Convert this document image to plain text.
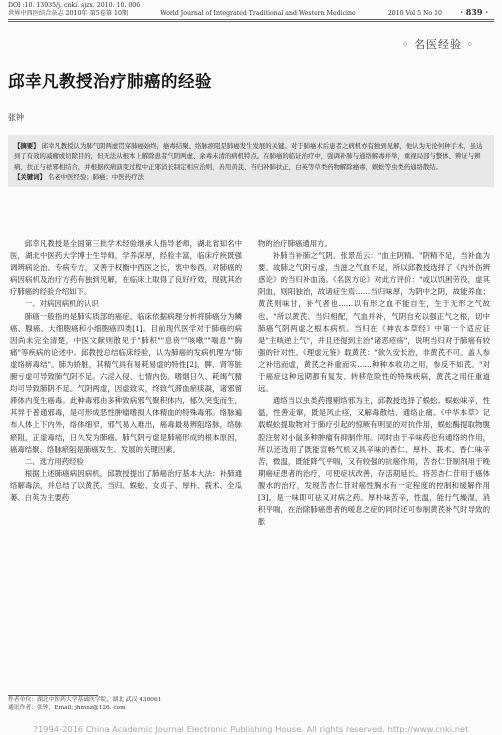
DOI :10. 13935/j. cnki. sjzx. 2010. 10. 006
世界中西医结合杂志 2010年 第5卷第 10期	World Journal of Integrated Traditional and Western Medicine	2010 Vol 5 No 10 · 839 ·
◦ 名医经验 ◦
邱幸凡教授治疗肺癌的经验
张钟
【摘要】 邱幸凡教授认为肺气阴两虚贯穿肺癌始终，癌毒结聚、络脉瘀阻是肺癌发生发展的关键。对于肺癌术后患者之病机亦有独到见解，他认为无论何种手术，虽达到了有效的减瘤或切除目的，但无法从根本上解除患者气阴两虚、余毒未清的病机特点。在肺癌的临证治疗中，强调补肺与通络解毒并举，重视局部与整体、辨证与辨病、扶正与祛邪相结合，并根据疾病演变过程中正邪消长制定相应治则，善用黄芪、当归补肺扶正，白英等草类药物解除癌毒，蜈蚣等虫类药通络散结。
【关键词】 名老中医经验；肺癌；中医药疗法

邱幸凡教授是全国第三批学术经验继承人指导老师，湖北省知名中医，湖北中医药大学博士生导师，学养深厚，经验丰富，临床疗疾既强调辨病论治、专病专方，又善于权衡中西医之长，衷中参西，对肺癌的病因病机及治疗方药有独到见解，在临床上取得了良好疗效，现就其治疗肺癌的经验介绍如下。

一、对病因病机的认识

肺癌一般指的是肺实质部的癌症。临床依据病理分析将肺癌分为鳞癌、腺癌、大细胞癌和小细胞癌四类[1]。目前现代医学对于肺癌的病因尚未完全清楚，中医文献则散见于"肺积""息贲""咳嗽""喘息""胸痛"等疾病的论述中。邱教授总结临床经验，认为肺癌的发病机理为"肺虚络痹毒结"。肺为娇脏，其精气具有易耗易虚的特性[2]，脾、肾等脏腑亏虚可导致肺气阴不足。六淫入侵、七情内伤、嗜烟日久、耗竭气精均可导致肺阴不足。气阴两虚，因虚致实，终致气滞血瘀痰凝，诸邪留滞体内变生癌毒。此种毒邪由多种致病邪气聚积体内，郁久突变而生，其异于普通邪毒，是可形成恶性肿瘤嗜损人体精血的特殊毒邪。络脉遍布人体上下内外，络体细窄，邪气易入难出，癌毒最易辨阻络脉，络脉瘀阻，正虚毒结，日久发为肺癌。肺气阴亏虚是肺癌形成的根本原因，癌毒结聚、络脉瘀阻是肺癌发生、发展的关键因素。

二、选方用药经验

根据上述肺癌病因病机，邱教授提出了肺癌治疗基本大法：补肺通络解毒法，并总结了以黄芪、当归、蜈蚣、女贞子、厚朴、莪术、全瓜蒌、白英为主要药

物的治疗肺癌通用方。

补肺当补肺之气阴。张景岳云："血主阴精。"阴精不足，当补血为要。故肺之气阴亏虚，当滋之气血不足，所以邱教授选择了《内外伤辨惑论》的当归补血汤。《名医方论》对此方评价："或以饥困劳役，虚其阴血，则阳独治，故诸症生焉……当归味厚，为阴中之阴，故能养血；黄芪则味甘，补气者也……以有形之血不能自生，生于无形之气故也。"所以黄芪、当归相配，气血并补，气阴自充以强正气之根，切中肺癌气阴两虚之根本病机。当归在《神农本草经》中第一个适应证是"主咳逆上气"，并且还提到主治"诸恶疮疡"，说明当归对于肺癌有较强的针对性。《理虚元鉴》载黄芪："欲久安长治，非黄芪不可。盖人参之补迅而虚，黄芪之补重而实……种种本收功之用，参反不如芪。"对于癌症这种远期都有复发、转移危险性的特殊疾病，黄芪之用任重道远。

通络当以虫类药搜剔络邪为主，邱教授选择了蜈蚣。蜈蚣味辛，性温，性善走窜，既是风止痉，又解毒散结、通络止痛。《中华本草》记载蜈蚣提取物对于肺疗引起的惊厥有明显的对抗作用，蜈蚣酶提取物腹腔注射对小鼠多种肿瘤有抑制作用。同时由于辛味药也有通络的作用，所以还选用了既能宣畅气机又具辛味的香仁、厚朴、莪术。香仁味辛苦，微温，既能降气平喘，又有较强的抗癌作用，苦杏仁苷制剂用于晚期癌症患者的治疗，可使症状改善，存活期延长。将苦杏仁苷用于癌体腹水的治疗，发现苦杏仁苷对癌性胸水有一定程度的控制和缓解作用[3]，是一味即可祛又对病之药。厚朴味苦辛，性温，能行气燥湿，消积平喘，在治除肺癌患者的嗳息之症的同时还可参制黄芪补气时导致的胀

作者单位：湖北中医药大学基础医学院，湖北 武汉 430061
通讯作者：张钟，Email: jhmnz@126. com
?1994-2016 China Academic Journal Electronic Publishing House. All rights reserved. http://www.cnki.net
